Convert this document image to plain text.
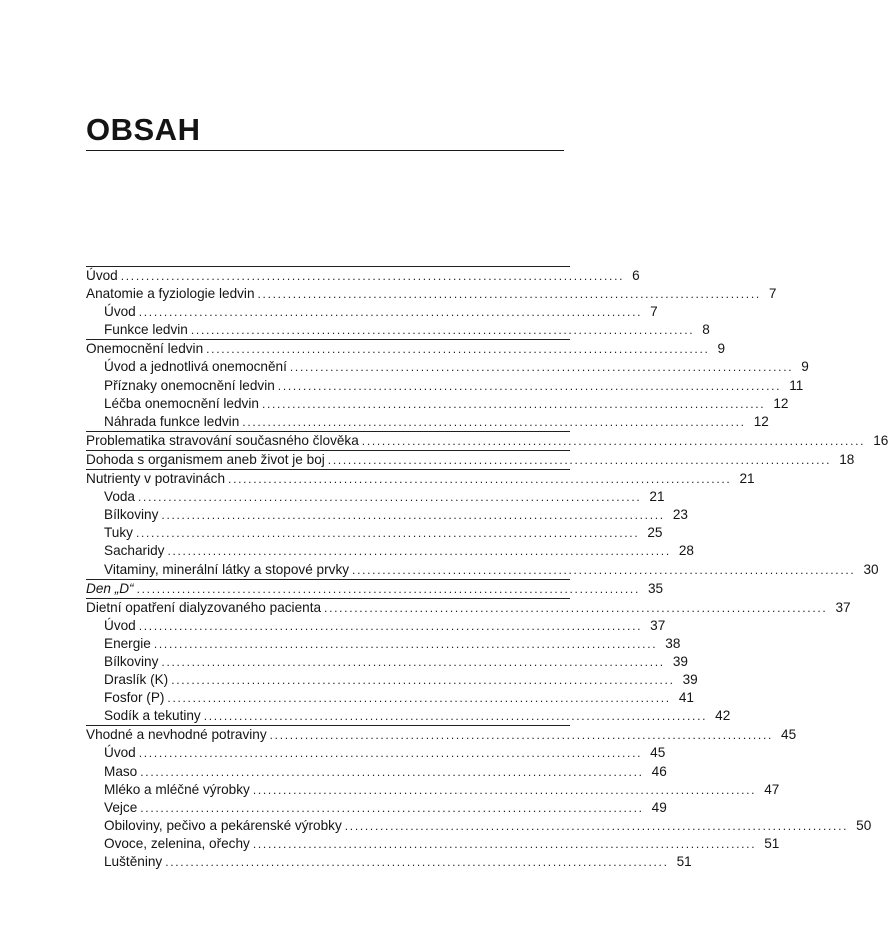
OBSAH
Úvod .................................................................................................... 6
Anatomie a fyziologie ledvin .................................................................................................... 7
Úvod .................................................................................................... 7
Funkce ledvin .................................................................................................... 8
Onemocnění ledvin .................................................................................................... 9
Úvod a jednotlivá onemocnění .................................................................................................... 9
Příznaky onemocnění ledvin .................................................................................................... 11
Léčba onemocnění ledvin .................................................................................................... 12
Náhrada funkce ledvin .................................................................................................... 12
Problematika stravování současného člověka .................................................................................................... 16
Dohoda s organismem aneb život je boj .................................................................................................... 18
Nutrienty v potravinách .................................................................................................... 21
Voda .................................................................................................... 21
Bílkoviny .................................................................................................... 23
Tuky .................................................................................................... 25
Sacharidy .................................................................................................... 28
Vitaminy, minerální látky a stopové prvky .................................................................................................... 30
Den „D“ .................................................................................................... 35
Dietní opatření dialyzovaného pacienta .................................................................................................... 37
Úvod .................................................................................................... 37
Energie .................................................................................................... 38
Bílkoviny .................................................................................................... 39
Draslík (K) .................................................................................................... 39
Fosfor (P) .................................................................................................... 41
Sodík a tekutiny .................................................................................................... 42
Vhodné a nevhodné potraviny .................................................................................................... 45
Úvod .................................................................................................... 45
Maso .................................................................................................... 46
Mléko a mléčné výrobky .................................................................................................... 47
Vejce .................................................................................................... 49
Obiloviny, pečivo a pekárenské výrobky .................................................................................................... 50
Ovoce, zelenina, ořechy .................................................................................................... 51
Luštěniny .................................................................................................... 51
